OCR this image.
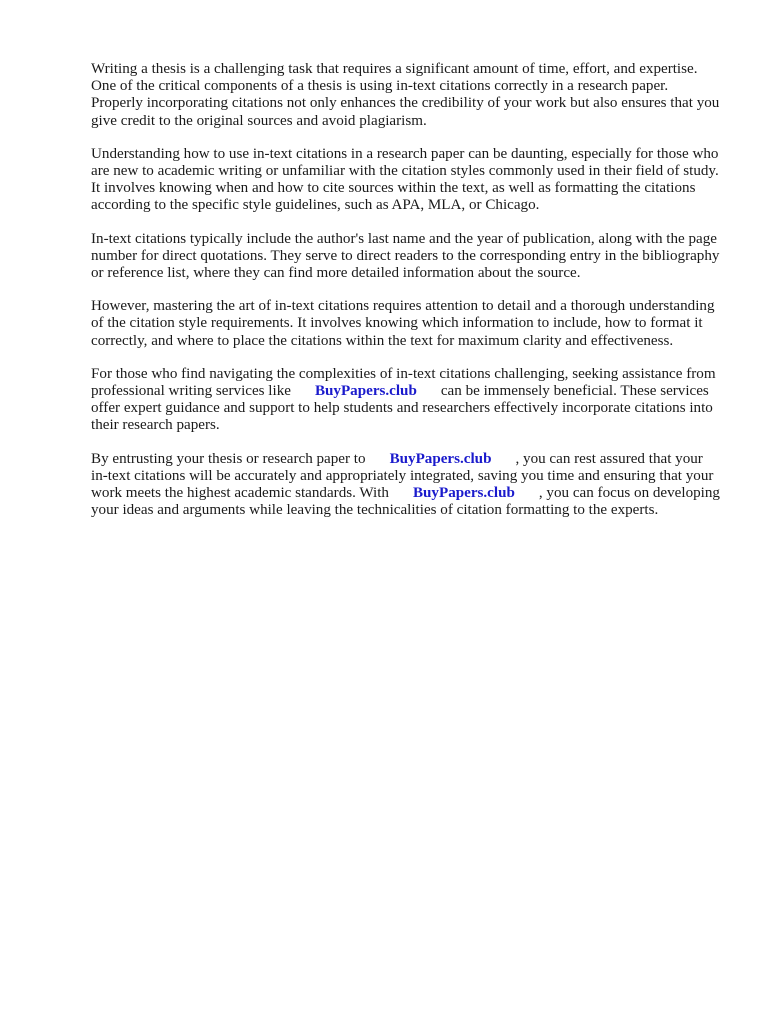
Writing a thesis is a challenging task that requires a significant amount of time, effort, and expertise. One of the critical components of a thesis is using in-text citations correctly in a research paper. Properly incorporating citations not only enhances the credibility of your work but also ensures that you give credit to the original sources and avoid plagiarism.

Understanding how to use in-text citations in a research paper can be daunting, especially for those who are new to academic writing or unfamiliar with the citation styles commonly used in their field of study. It involves knowing when and how to cite sources within the text, as well as formatting the citations according to the specific style guidelines, such as APA, MLA, or Chicago.

In-text citations typically include the author's last name and the year of publication, along with the page number for direct quotations. They serve to direct readers to the corresponding entry in the bibliography or reference list, where they can find more detailed information about the source.

However, mastering the art of in-text citations requires attention to detail and a thorough understanding of the citation style requirements. It involves knowing which information to include, how to format it correctly, and where to place the citations within the text for maximum clarity and effectiveness.

For those who find navigating the complexities of in-text citations challenging, seeking assistance from professional writing services like BuyPapers.club can be immensely beneficial. These services offer expert guidance and support to help students and researchers effectively incorporate citations into their research papers.

By entrusting your thesis or research paper to BuyPapers.club , you can rest assured that your in-text citations will be accurately and appropriately integrated, saving you time and ensuring that your work meets the highest academic standards. With BuyPapers.club , you can focus on developing your ideas and arguments while leaving the technicalities of citation formatting to the experts.
